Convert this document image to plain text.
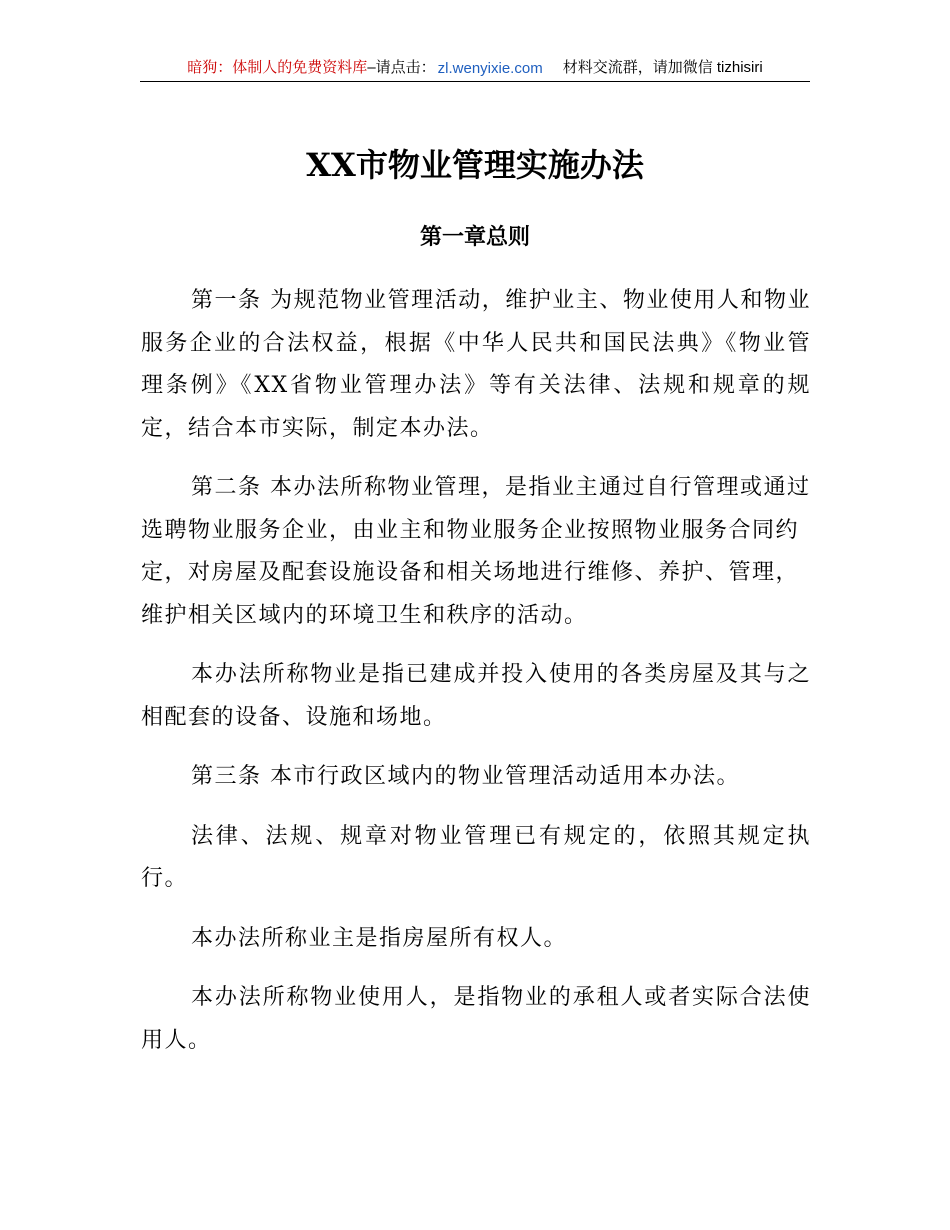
暗狗：体制人的免费资料库 –请点击： zl.wenyixie.com 材料交流群，请加微信 tizhisiri
XX市物业管理实施办法
第一章总则

第一条 为规范物业管理活动，维护业主、物业使用人和物业服务企业的合法权益，根据《中华人民共和国民法典》《物业管理条例》《XX省物业管理办法》等有关法律、法规和规章的规定，结合本市实际，制定本办法。

第二条 本办法所称物业管理，是指业主通过自行管理或通过选聘物业服务企业，由业主和物业服务企业按照物业服务合同约定，对房屋及配套设施设备和相关场地进行维修、养护、管理，维护相关区域内的环境卫生和秩序的活动。

本办法所称物业是指已建成并投入使用的各类房屋及其与之相配套的设备、设施和场地。

第三条 本市行政区域内的物业管理活动适用本办法。

法律、法规、规章对物业管理已有规定的，依照其规定执行。

本办法所称业主是指房屋所有权人。

本办法所称物业使用人，是指物业的承租人或者实际合法使用人。
